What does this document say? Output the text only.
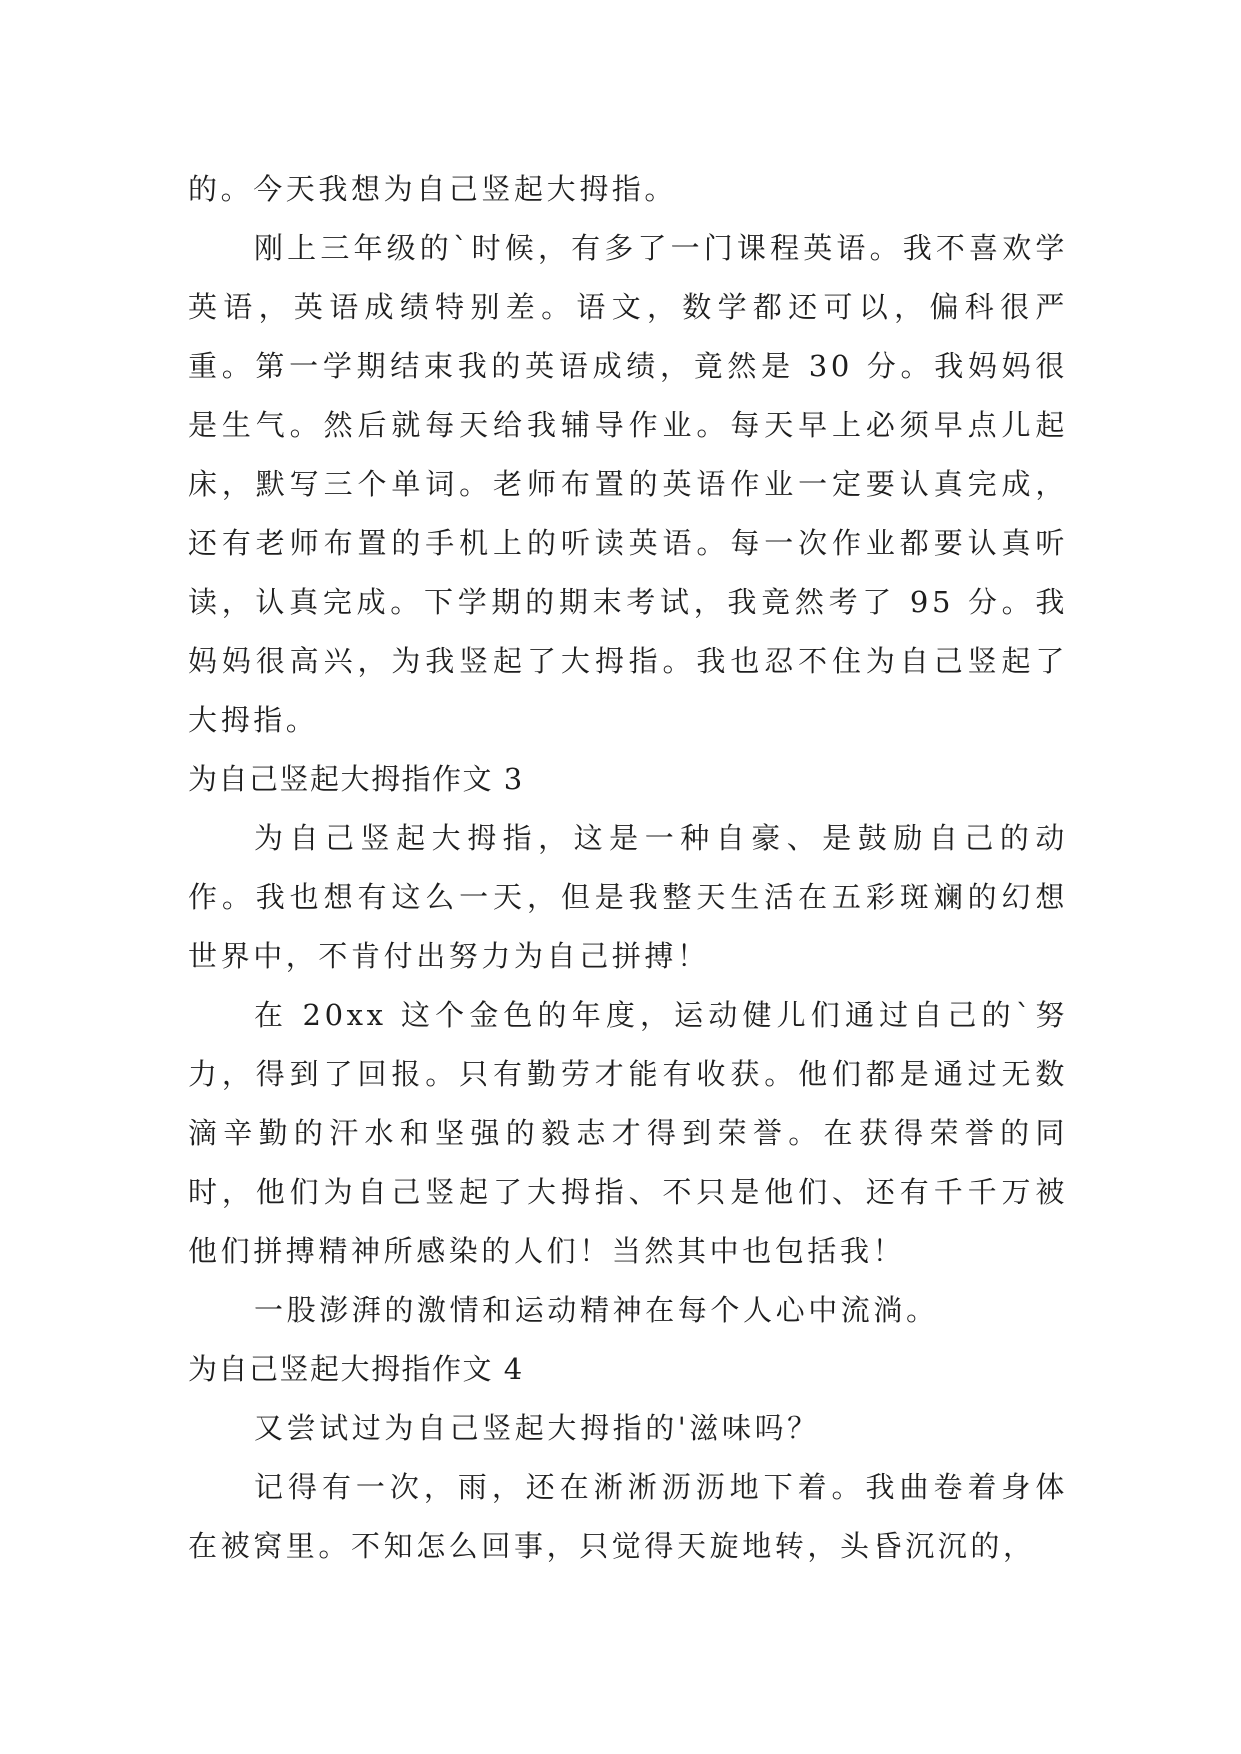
的。今天我想为自己竖起大拇指。

刚上三年级的`时候，有多了一门课程英语。我不喜欢学英语，英语成绩特别差。语文，数学都还可以，偏科很严重。第一学期结束我的英语成绩，竟然是 30 分。我妈妈很是生气。然后就每天给我辅导作业。每天早上必须早点儿起床，默写三个单词。老师布置的英语作业一定要认真完成，还有老师布置的手机上的听读英语。每一次作业都要认真听读，认真完成。下学期的期末考试，我竟然考了 95 分。我妈妈很高兴，为我竖起了大拇指。我也忍不住为自己竖起了大拇指。

为自己竖起大拇指作文 3

为自己竖起大拇指，这是一种自豪、是鼓励自己的动作。我也想有这么一天，但是我整天生活在五彩斑斓的幻想世界中，不肯付出努力为自己拼搏！

在 20xx 这个金色的年度，运动健儿们通过自己的`努力，得到了回报。只有勤劳才能有收获。他们都是通过无数滴辛勤的汗水和坚强的毅志才得到荣誉。在获得荣誉的同时，他们为自己竖起了大拇指、不只是他们、还有千千万被他们拼搏精神所感染的人们！当然其中也包括我！

一股澎湃的激情和运动精神在每个人心中流淌。

为自己竖起大拇指作文 4

又尝试过为自己竖起大拇指的'滋味吗？

记得有一次，雨，还在淅淅沥沥地下着。我曲卷着身体在被窝里。不知怎么回事，只觉得天旋地转，头昏沉沉的，
